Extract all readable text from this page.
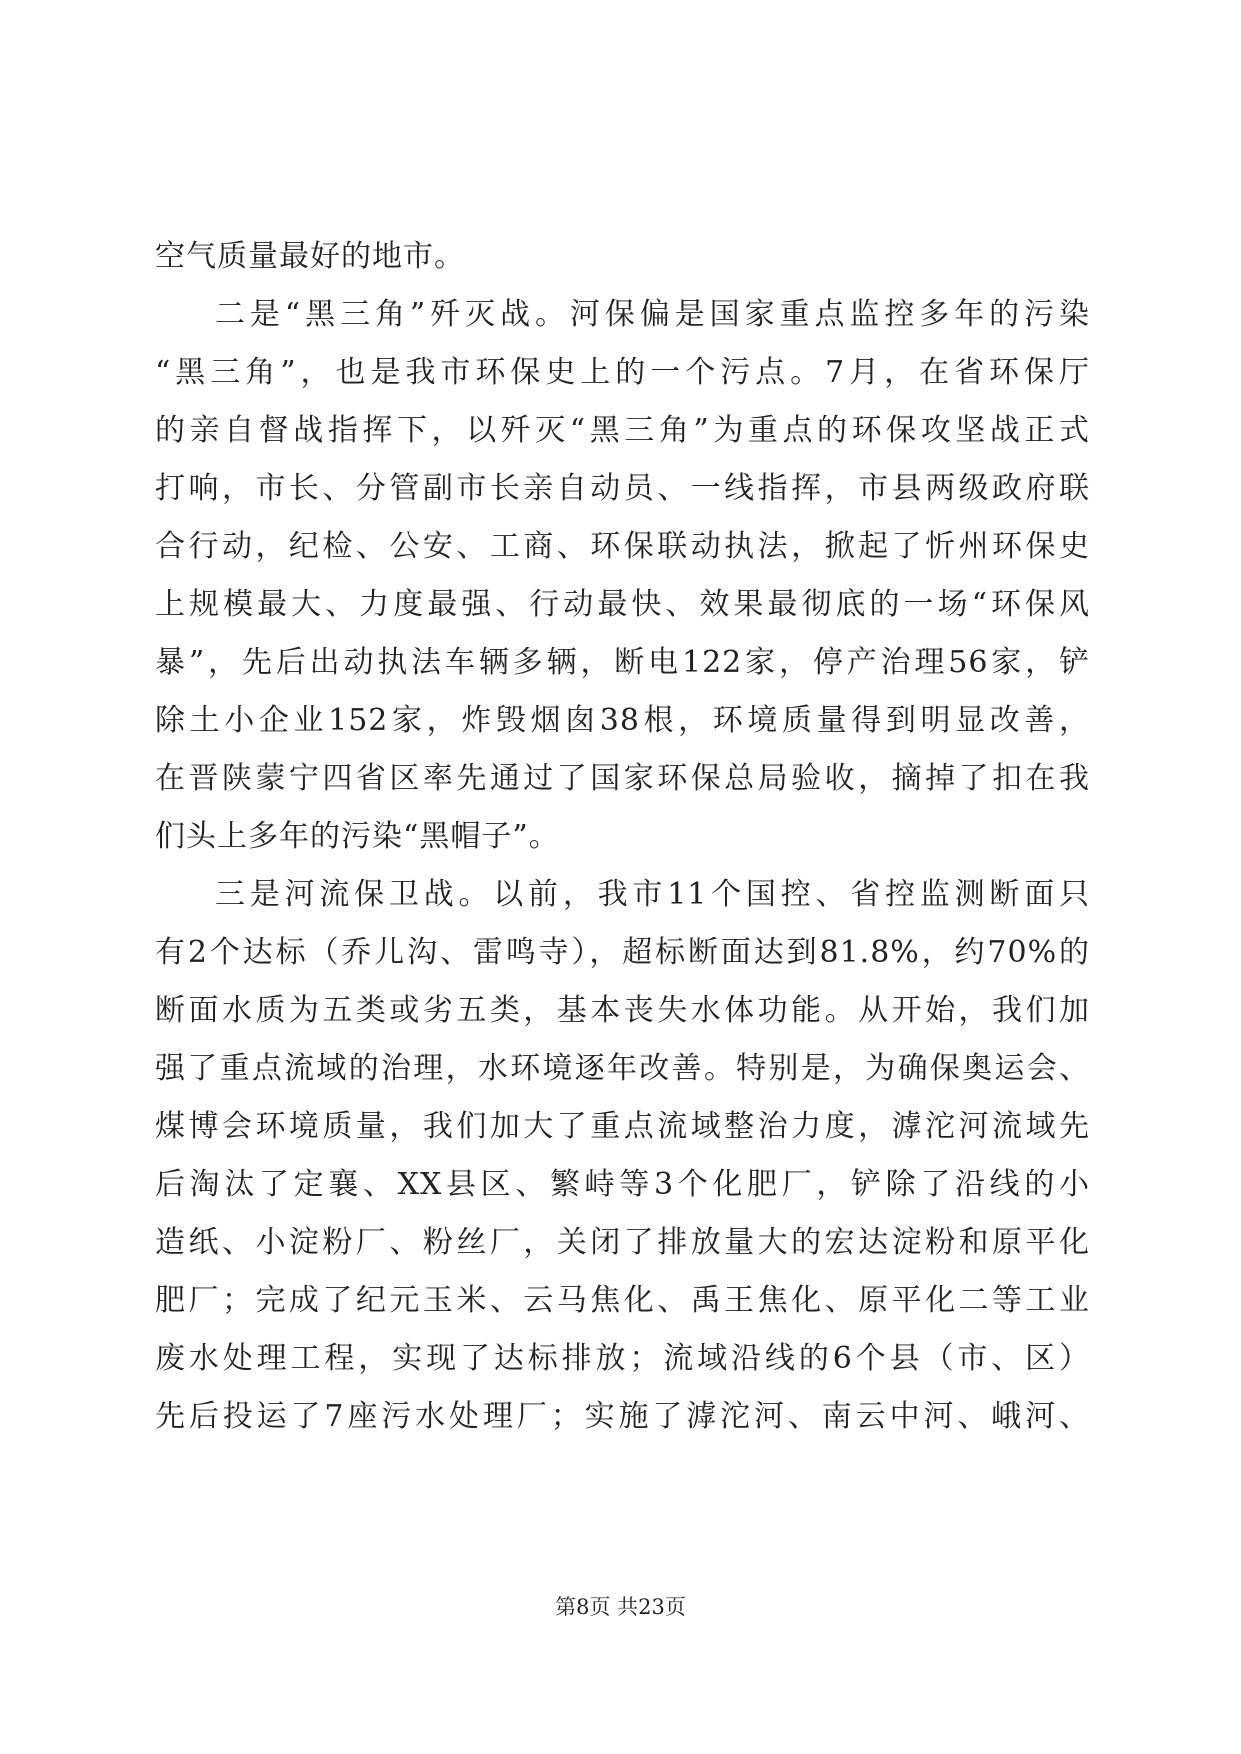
空气质量最好的地市。
二是“黑三角”歼灭战。河保偏是国家重点监控多年的污染
“黑三角”，也是我市环保史上的一个污点。7月，在省环保厅
的亲自督战指挥下，以歼灭“黑三角”为重点的环保攻坚战正式
打响，市长、分管副市长亲自动员、一线指挥，市县两级政府联
合行动，纪检、公安、工商、环保联动执法，掀起了忻州环保史
上规模最大、力度最强、行动最快、效果最彻底的一场“环保风
暴”，先后出动执法车辆多辆，断电122家，停产治理56家，铲
除土小企业152家，炸毁烟囱38根，环境质量得到明显改善，
在晋陕蒙宁四省区率先通过了国家环保总局验收，摘掉了扣在我
们头上多年的污染“黑帽子”。
三是河流保卫战。以前，我市11个国控、省控监测断面只
有2个达标（乔儿沟、雷鸣寺），超标断面达到81.8%，约70%的
断面水质为五类或劣五类，基本丧失水体功能。从开始，我们加
强了重点流域的治理，水环境逐年改善。特别是，为确保奥运会、
煤博会环境质量，我们加大了重点流域整治力度，滹沱河流域先
后淘汰了定襄、XX县区、繁峙等3个化肥厂，铲除了沿线的小
造纸、小淀粉厂、粉丝厂，关闭了排放量大的宏达淀粉和原平化
肥厂；完成了纪元玉米、云马焦化、禹王焦化、原平化二等工业
废水处理工程，实现了达标排放；流域沿线的6个县（市、区）
先后投运了7座污水处理厂；实施了滹沱河、南云中河、峨河、
第8页 共23页
